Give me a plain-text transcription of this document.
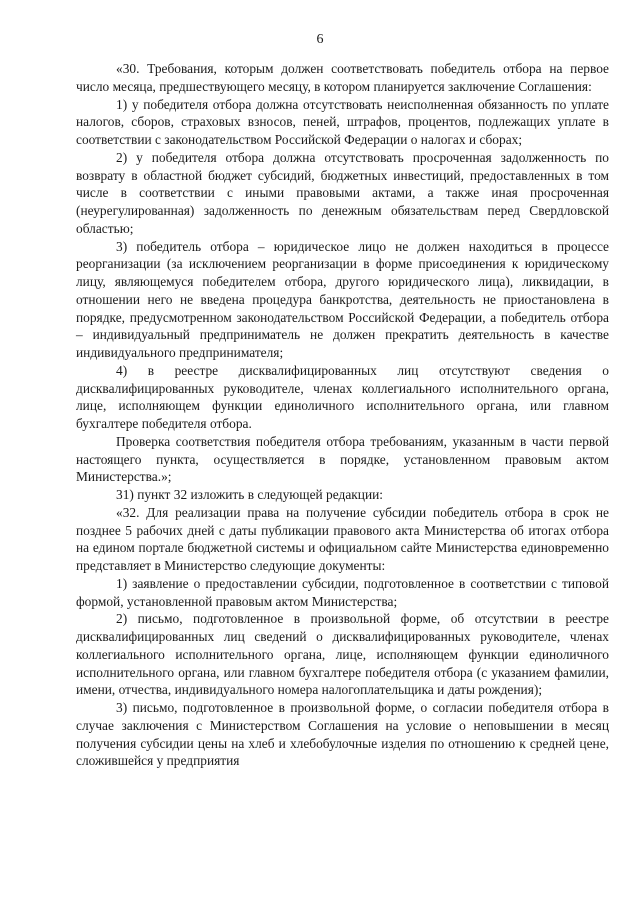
6

«30. Требования, которым должен соответствовать победитель отбора на первое число месяца, предшествующего месяцу, в котором планируется заключение Соглашения:

1) у победителя отбора должна отсутствовать неисполненная обязанность по уплате налогов, сборов, страховых взносов, пеней, штрафов, процентов, подлежащих уплате в соответствии с законодательством Российской Федерации о налогах и сборах;

2) у победителя отбора должна отсутствовать просроченная задолженность по возврату в областной бюджет субсидий, бюджетных инвестиций, предоставленных в том числе в соответствии с иными правовыми актами, а также иная просроченная (неурегулированная) задолженность по денежным обязательствам перед Свердловской областью;

3) победитель отбора – юридическое лицо не должен находиться в процессе реорганизации (за исключением реорганизации в форме присоединения к юридическому лицу, являющемуся победителем отбора, другого юридического лица), ликвидации, в отношении него не введена процедура банкротства, деятельность не приостановлена в порядке, предусмотренном законодательством Российской Федерации, а победитель отбора – индивидуальный предприниматель не должен прекратить деятельность в качестве индивидуального предпринимателя;

4) в реестре дисквалифицированных лиц отсутствуют сведения о дисквалифицированных руководителе, членах коллегиального исполнительного органа, лице, исполняющем функции единоличного исполнительного органа, или главном бухгалтере победителя отбора.

Проверка соответствия победителя отбора требованиям, указанным в части первой настоящего пункта, осуществляется в порядке, установленном правовым актом Министерства.»;

31) пункт 32 изложить в следующей редакции:

«32. Для реализации права на получение субсидии победитель отбора в срок не позднее 5 рабочих дней с даты публикации правового акта Министерства об итогах отбора на едином портале бюджетной системы и официальном сайте Министерства единовременно представляет в Министерство следующие документы:

1) заявление о предоставлении субсидии, подготовленное в соответствии с типовой формой, установленной правовым актом Министерства;

2) письмо, подготовленное в произвольной форме, об отсутствии в реестре дисквалифицированных лиц сведений о дисквалифицированных руководителе, членах коллегиального исполнительного органа, лице, исполняющем функции единоличного исполнительного органа, или главном бухгалтере победителя отбора (с указанием фамилии, имени, отчества, индивидуального номера налогоплательщика и даты рождения);

3) письмо, подготовленное в произвольной форме, о согласии победителя отбора в случае заключения с Министерством Соглашения на условие о неповышении в месяц получения субсидии цены на хлеб и хлебобулочные изделия по отношению к средней цене, сложившейся у предприятия
